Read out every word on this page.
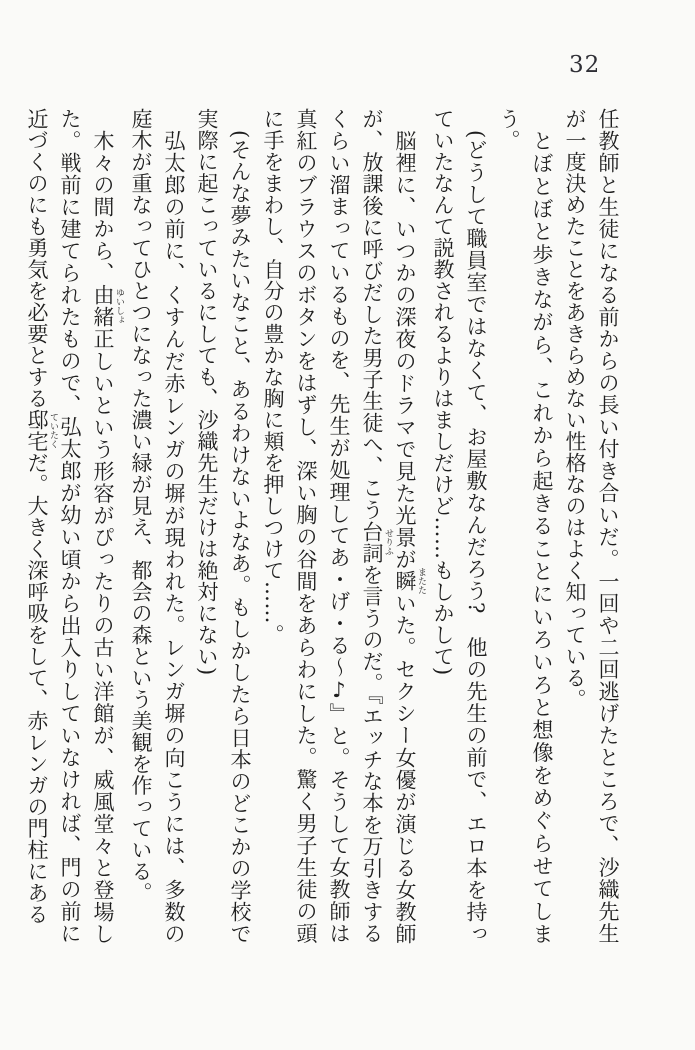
32

任教師と生徒になる前からの長い付き合いだ。一回や二回逃げたところで、沙織先生が一度決めたことをあきらめない性格なのはよく知っている。

とぼとぼと歩きながら、これから起きることにいろいろと想像をめぐらせてしまう。

(どうして職員室ではなくて、お屋敷なんだろう?　他の先生の前で、エロ本を持っていたなんて説教されるよりはましだけど……もしかして)

脳裡に、いつかの深夜のドラマで見た光景が瞬 またたいた。セクシー女優が演じる女教師が、放課後に呼びだした男子生徒へ、こう台詞 せりふを言うのだ。『エッチな本を万引きするくらい溜まっているものを、先生が処理してあ・げ・る〜♪』と。そうして女教師は真紅のブラウスのボタンをはずし、深い胸の谷間をあらわにした。驚く男子生徒の頭に手をまわし、自分の豊かな胸に頬を押しつけて……。

(そんな夢みたいなこと、あるわけないよなあ。もしかしたら日本のどこかの学校で実際に起こっているにしても、沙織先生だけは絶対にない)

弘太郎の前に、くすんだ赤レンガの塀が現われた。レンガ塀の向こうには、多数の庭木が重なってひとつになった濃い緑が見え、都会の森という美観を作っている。

木々の間から、由緒 ゆいしょ正しいという形容がぴったりの古い洋館が、威風堂々と登場した。戦前に建てられたもので、弘太郎が幼い頃から出入りしていなければ、門の前に近づくのにも勇気を必要とする邸宅 ていたくだ。大きく深呼吸をして、赤レンガの門柱にある
